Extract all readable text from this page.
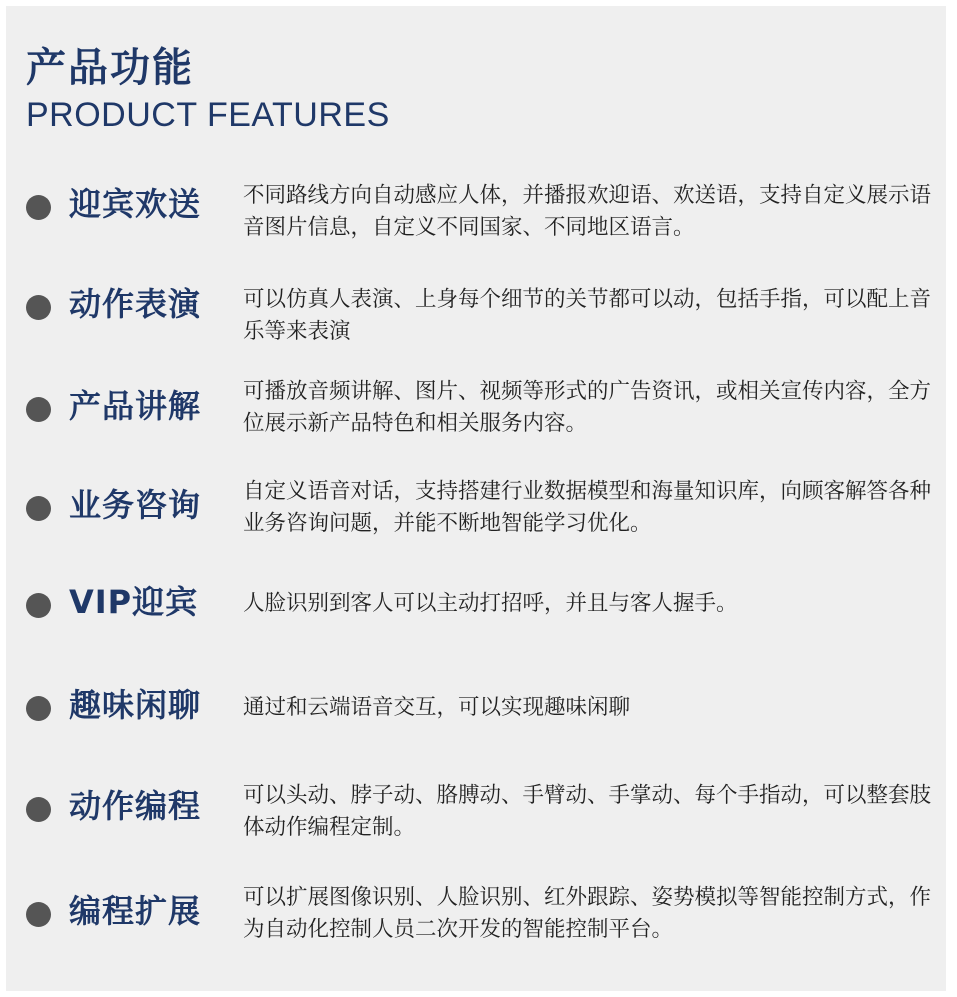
产品功能
PRODUCT FEATURES
迎宾欢送 不同路线方向自动感应人体，并播报欢迎语、欢送语，支持自定义展示语音图片信息，自定义不同国家、不同地区语言。

动作表演 可以仿真人表演、上身每个细节的关节都可以动，包括手指，可以配上音乐等来表演

产品讲解 可播放音频讲解、图片、视频等形式的广告资讯，或相关宣传内容，全方位展示新产品特色和相关服务内容。

业务咨询 自定义语音对话，支持搭建行业数据模型和海量知识库，向顾客解答各种业务咨询问题，并能不断地智能学习优化。

VIP迎宾 人脸识别到客人可以主动打招呼，并且与客人握手。

趣味闲聊 通过和云端语音交互，可以实现趣味闲聊

动作编程 可以头动、脖子动、胳膊动、手臂动、手掌动、每个手指动，可以整套肢体动作编程定制。

编程扩展 可以扩展图像识别、人脸识别、红外跟踪、姿势模拟等智能控制方式，作为自动化控制人员二次开发的智能控制平台。
